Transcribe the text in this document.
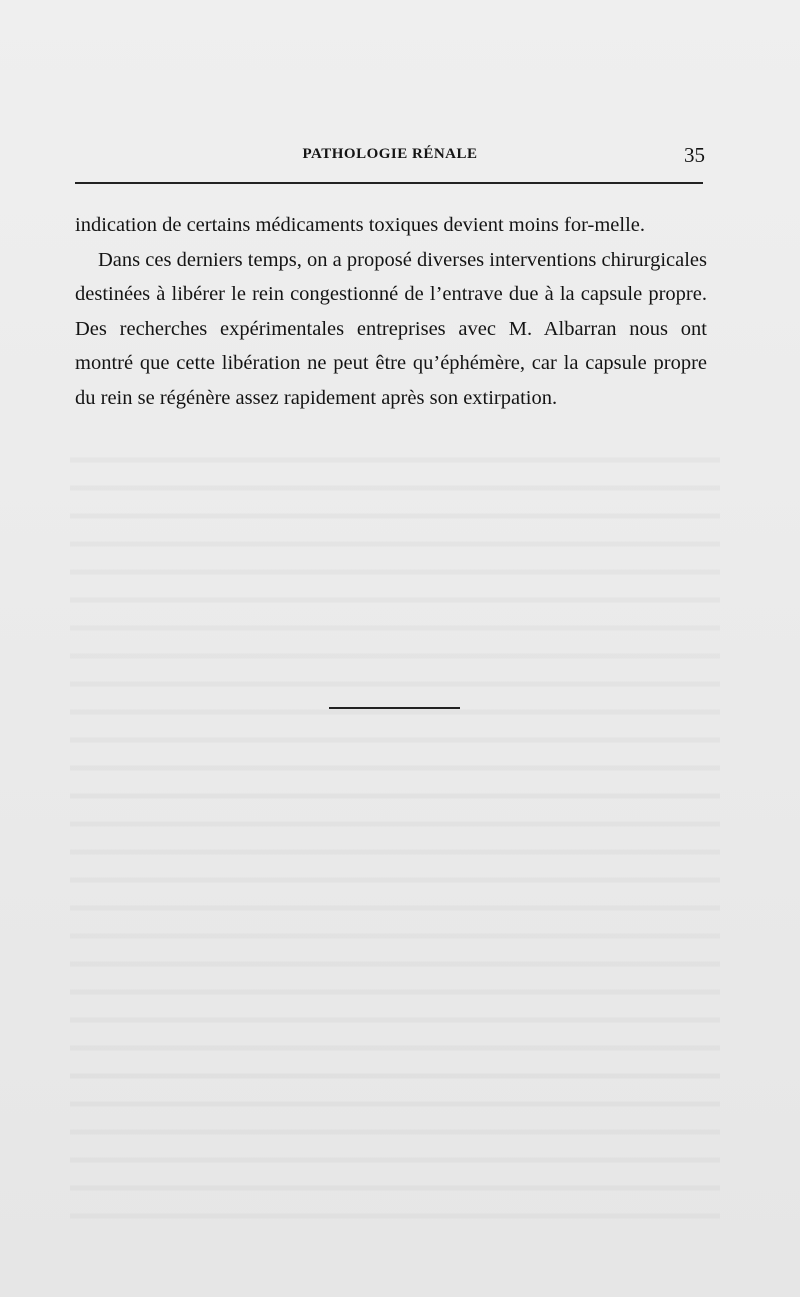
PATHOLOGIE RÉNALE	35

indication de certains médicaments toxiques devient moins for-melle.

Dans ces derniers temps, on a proposé diverses interventions chirurgicales destinées à libérer le rein congestionné de l’entrave due à la capsule propre. Des recherches expérimentales entreprises avec M. Albarran nous ont montré que cette libération ne peut être qu’éphémère, car la capsule propre du rein se régénère assez rapidement après son extirpation.
